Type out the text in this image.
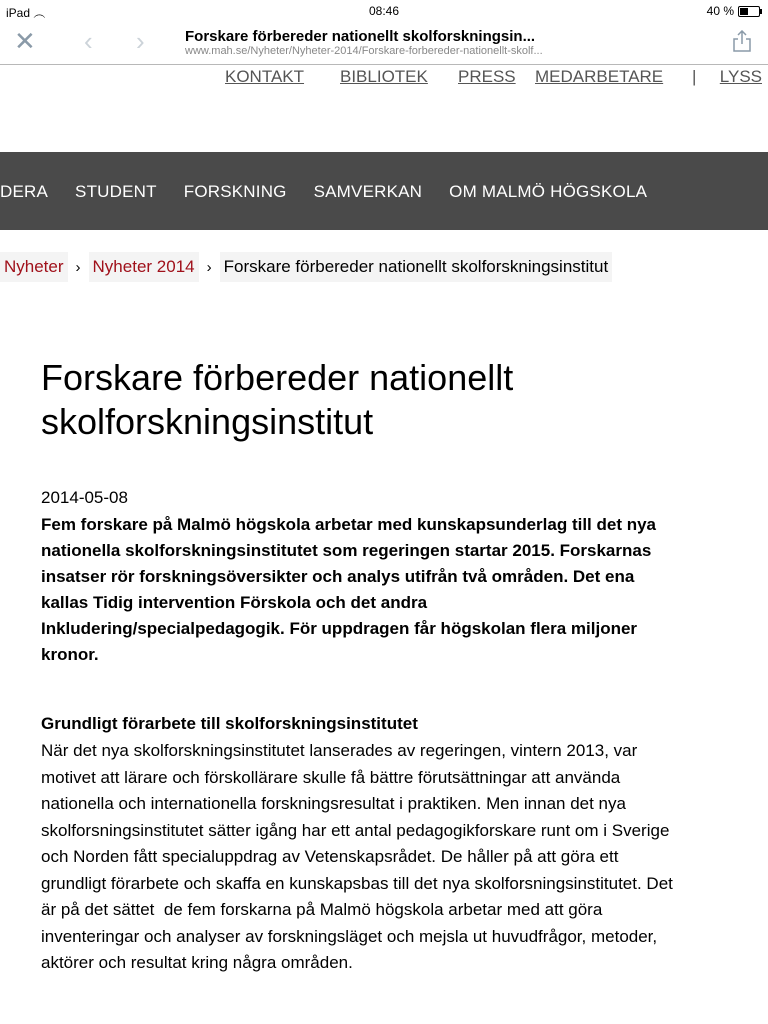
iPad ︵	08:46	40 %
✕ ‹ ›	Forskare förbereder nationellt skolforskningsin...
www.mah.se/Nyheter/Nyheter-2014/Forskare-forbereder-nationellt-skolf...
KONTAKT BIBLIOTEK PRESS MEDARBETARE | LYSS
DERA STUDENT FORSKNING SAMVERKAN OM MALMÖ HÖGSKOLA
Nyheter › Nyheter 2014 › Forskare förbereder nationellt skolforskningsinstitut
Forskare förbereder nationellt skolforskningsinstitut
2014-05-08
Fem forskare på Malmö högskola arbetar med kunskapsunderlag till det nya
nationella skolforskningsinstitutet som regeringen startar 2015. Forskarnas
insatser rör forskningsöversikter och analys utifrån två områden. Det ena
kallas Tidig intervention Förskola och det andra
Inkludering/specialpedagogik. För uppdragen får högskolan flera miljoner
kronor.
Grundligt förarbete till skolforskningsinstitutet
När det nya skolforskningsinstitutet lanserades av regeringen, vintern 2013, var
motivet att lärare och förskollärare skulle få bättre förutsättningar att använda
nationella och internationella forskningsresultat i praktiken. Men innan det nya
skolforsningsinstitutet sätter igång har ett antal pedagogikforskare runt om i Sverige
och Norden fått specialuppdrag av Vetenskapsrådet. De håller på att göra ett
grundligt förarbete och skaffa en kunskapsbas till det nya skolforsningsinstitutet. Det
är på det sättet  de fem forskarna på Malmö högskola arbetar med att göra
inventeringar och analyser av forskningsläget och mejsla ut huvudfrågor, metoder,
aktörer och resultat kring några områden.
